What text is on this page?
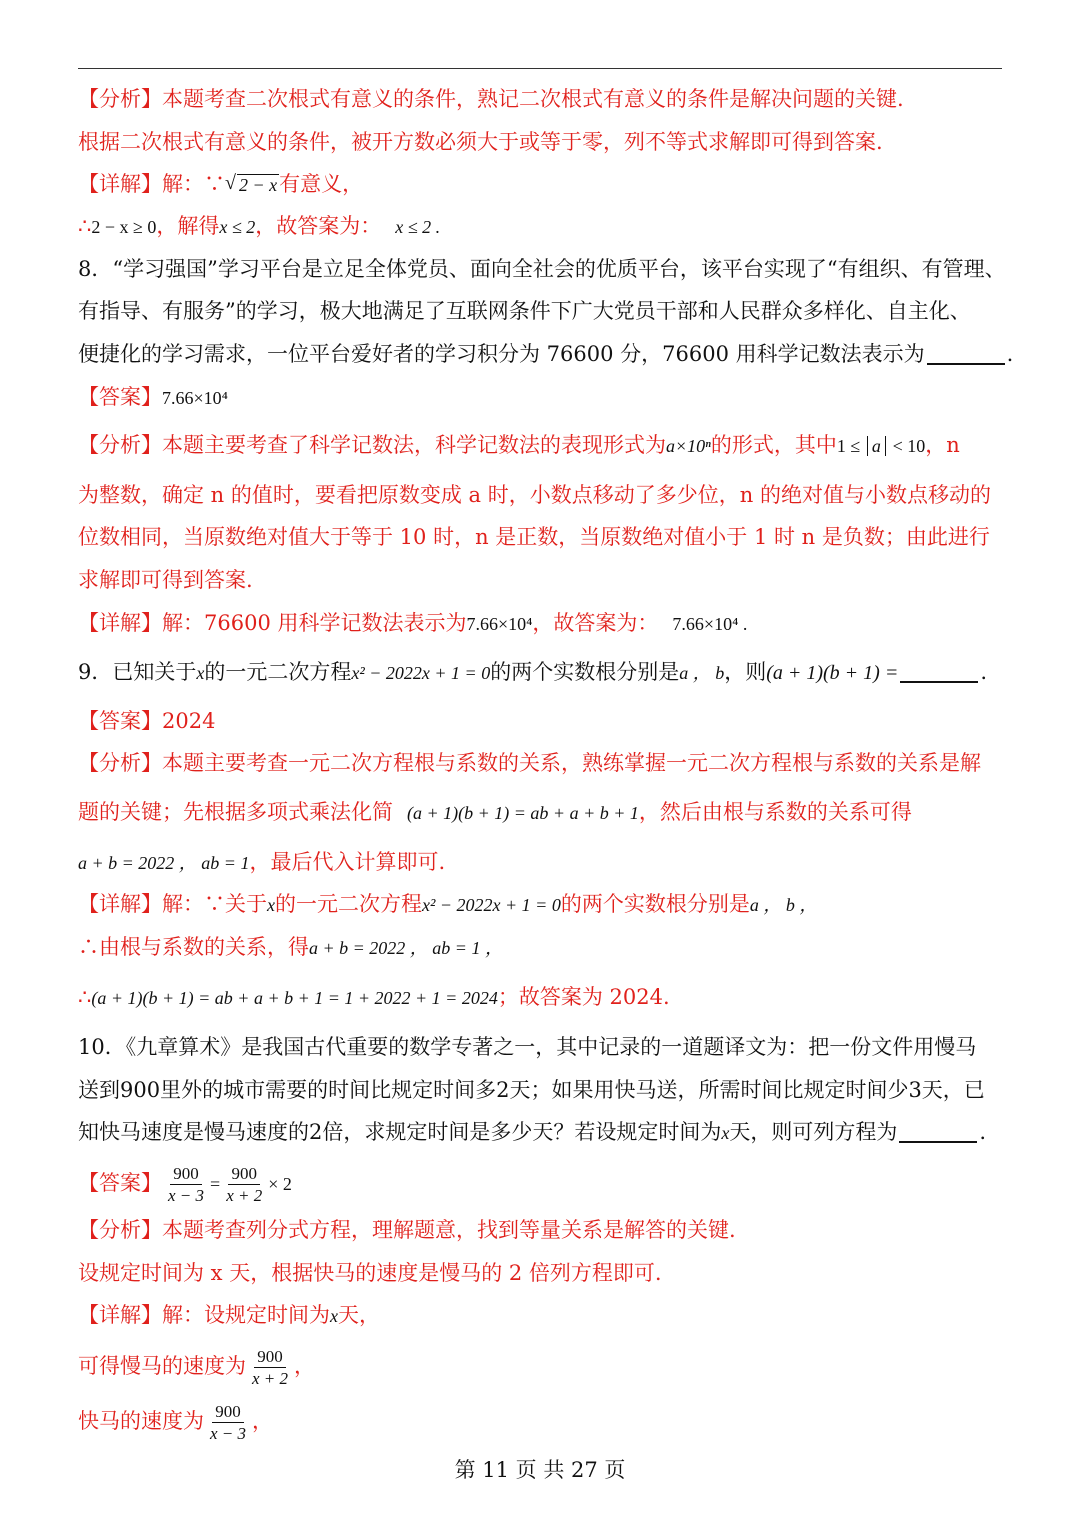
【分析】本题考查二次根式有意义的条件，熟记二次根式有意义的条件是解决问题的关键.
根据二次根式有意义的条件，被开方数必须大于或等于零，列不等式求解即可得到答案.
【详解】解：∵ √ 2 − x有意义，
∴2 − x ≥ 0，解得x ≤ 2，故答案为： x ≤ 2 .
8．“学习强国”学习平台是立足全体党员、面向全社会的优质平台，该平台实现了“有组织、有管理、
有指导、有服务”的学习，极大地满足了互联网条件下广大党员干部和人民群众多样化、自主化、
便捷化的学习需求，一位平台爱好者的学习积分为 76600 分，76600 用科学记数法表示为	.
【答案】7.66×10⁴
【分析】本题主要考查了科学记数法，科学记数法的表现形式为a×10ⁿ的形式，其中1 ≤ a < 10，n
为整数，确定 n 的值时，要看把原数变成 a 时，小数点移动了多少位，n 的绝对值与小数点移动的
位数相同，当原数绝对值大于等于 10 时，n 是正数，当原数绝对值小于 1 时 n 是负数；由此进行
求解即可得到答案.
【详解】解：76600 用科学记数法表示为7.66×10⁴，故答案为： 7.66×10⁴ .
9．已知关于x的一元二次方程x² − 2022x + 1 = 0的两个实数根分别是a ， b，则(a + 1)(b + 1) =	.
【答案】2024
【分析】本题主要考查一元二次方程根与系数的关系，熟练掌握一元二次方程根与系数的关系是解
题的关键；先根据多项式乘法化简 (a + 1)(b + 1) = ab + a + b + 1，然后由根与系数的关系可得
a + b = 2022 ， ab = 1，最后代入计算即可.
【详解】解：∵关于x的一元二次方程x² − 2022x + 1 = 0的两个实数根分别是a ， b ，
∴由根与系数的关系，得a + b = 2022 ， ab = 1 ，
∴(a + 1)(b + 1) = ab + a + b + 1 = 1 + 2022 + 1 = 2024；故答案为 2024.
10．《九章算术》是我国古代重要的数学专著之一，其中记录的一道题译文为：把一份文件用慢马
送到900里外的城市需要的时间比规定时间多2天；如果用快马送，所需时间比规定时间少3天，已
知快马速度是慢马速度的2倍，求规定时间是多少天？若设规定时间为x天，则可列方程为	.
【答案】 $\frac{900}{x - 3} = \frac{900}{x + 2} \times 2$
【分析】本题考查列分式方程，理解题意，找到等量关系是解答的关键.
设规定时间为 x 天，根据快马的速度是慢马的 2 倍列方程即可.
【详解】解：设规定时间为x天，
可得慢马的速度为 $\frac{900}{x + 2}$ ，
快马的速度为 $\frac{900}{x - 3}$ ，
第 11 页 共 27 页
